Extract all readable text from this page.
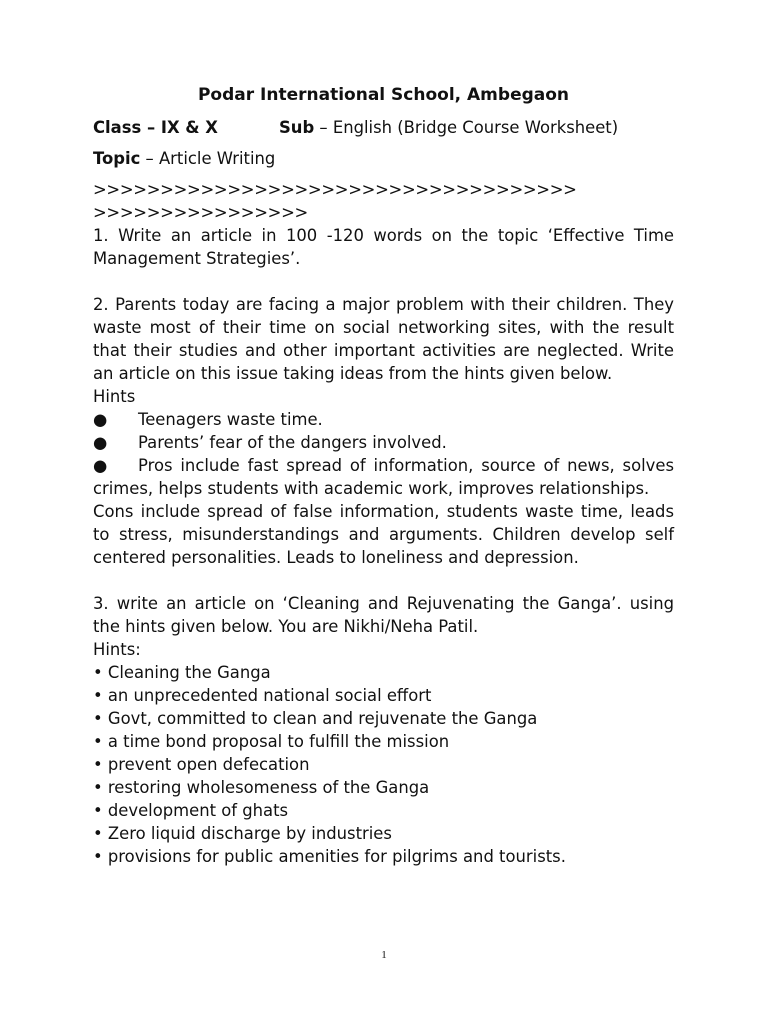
Podar International School, Ambegaon
Class – IX & X	Sub – English (Bridge Course Worksheet)
Topic – Article Writing
>>>>>>>>>>>>>>>>>>>>>>>>>>>>>>>>>>>>
>>>>>>>>>>>>>>>>
1. Write an article in 100 -120 words on the topic ‘Effective Time Management Strategies’.
2. Parents today are facing a major problem with their children. They waste most of their time on social networking sites, with the result that their studies and other important activities are neglected. Write an article on this issue taking ideas from the hints given below.
Hints
●	Teenagers waste time.
●	Parents’ fear of the dangers involved.
● Pros include fast spread of information, source of news, solves crimes, helps students with academic work, improves relationships.
Cons include spread of false information, students waste time, leads to stress, misunderstandings and arguments. Children develop self centered personalities. Leads to loneliness and depression.
3. write an article on ‘Cleaning and Rejuvenating the Ganga’. using the hints given below. You are Nikhi/Neha Patil.
Hints:
• Cleaning the Ganga
• an unprecedented national social effort
• Govt, committed to clean and rejuvenate the Ganga
• a time bond proposal to fulfill the mission
• prevent open defecation
• restoring wholesomeness of the Ganga
• development of ghats
• Zero liquid discharge by industries
• provisions for public amenities for pilgrims and tourists.
1
